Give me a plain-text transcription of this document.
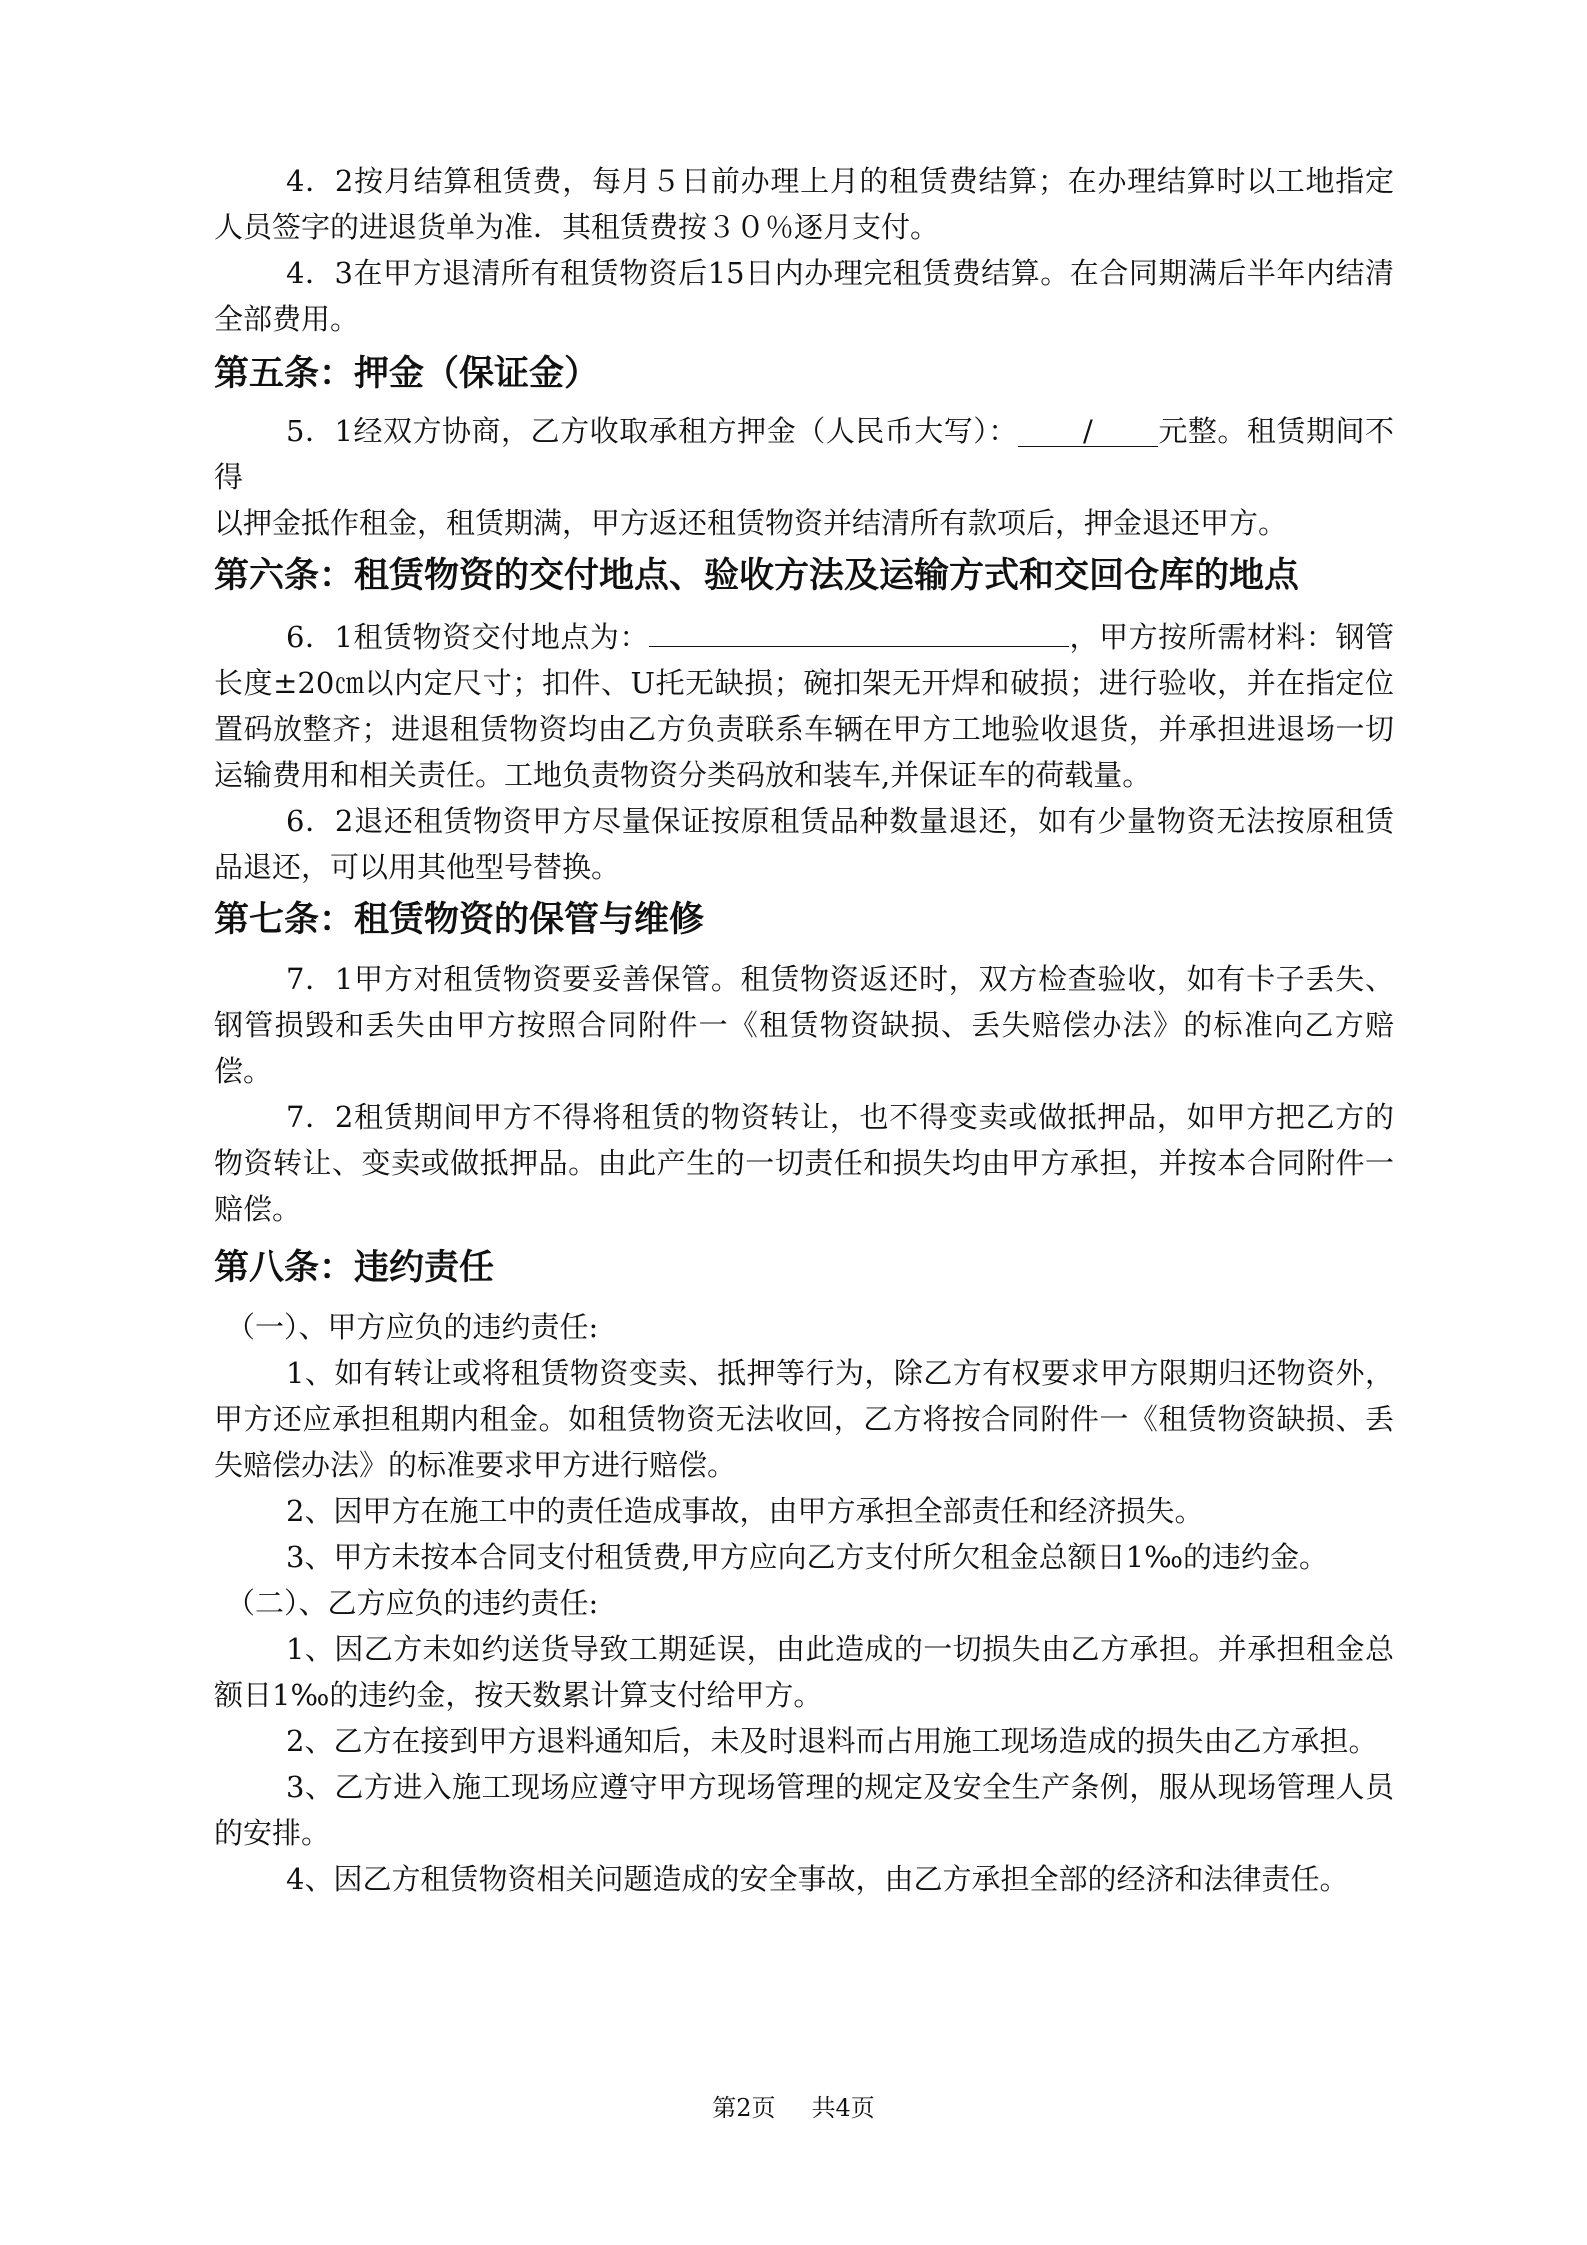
4．2按月结算租赁费，每月５日前办理上月的租赁费结算；在办理结算时以工地指定人员签字的进退货单为准．其租赁费按３０％逐月支付。

4．3在甲方退清所有租赁物资后15日内办理完租赁费结算。在合同期满后半年内结清全部费用。

第五条：押金（保证金）

5．1经双方协商，乙方收取承租方押金（人民币大写）： / 元整。租赁期间不得

以押金抵作租金，租赁期满，甲方返还租赁物资并结清所有款项后，押金退还甲方。

第六条：租赁物资的交付地点、验收方法及运输方式和交回仓库的地点

6．1租赁物资交付地点为：	，甲方按所需材料：钢管长度±20㎝以内定尺寸；扣件、U托无缺损；碗扣架无开焊和破损；进行验收，并在指定位置码放整齐；进退租赁物资均由乙方负责联系车辆在甲方工地验收退货，并承担进退场一切运输费用和相关责任。工地负责物资分类码放和装车,并保证车的荷载量。

6．2退还租赁物资甲方尽量保证按原租赁品种数量退还，如有少量物资无法按原租赁品退还，可以用其他型号替换。

第七条：租赁物资的保管与维修

7．1甲方对租赁物资要妥善保管。租赁物资返还时，双方检查验收，如有卡子丢失、钢管损毁和丢失由甲方按照合同附件一《租赁物资缺损、丢失赔偿办法》的标准向乙方赔偿。

7．2租赁期间甲方不得将租赁的物资转让，也不得变卖或做抵押品，如甲方把乙方的物资转让、变卖或做抵押品。由此产生的一切责任和损失均由甲方承担，并按本合同附件一赔偿。

第八条：违约责任

（一）、甲方应负的违约责任:

1、如有转让或将租赁物资变卖、抵押等行为，除乙方有权要求甲方限期归还物资外，甲方还应承担租期内租金。如租赁物资无法收回，乙方将按合同附件一《租赁物资缺损、丢失赔偿办法》的标准要求甲方进行赔偿。

2、因甲方在施工中的责任造成事故，由甲方承担全部责任和经济损失。

3、甲方未按本合同支付租赁费,甲方应向乙方支付所欠租金总额日1‰的违约金。

（二）、乙方应负的违约责任:

1、因乙方未如约送货导致工期延误，由此造成的一切损失由乙方承担。并承担租金总额日1‰的违约金，按天数累计算支付给甲方。

2、乙方在接到甲方退料通知后，未及时退料而占用施工现场造成的损失由乙方承担。

3、乙方进入施工现场应遵守甲方现场管理的规定及安全生产条例，服从现场管理人员的安排。

4、因乙方租赁物资相关问题造成的安全事故，由乙方承担全部的经济和法律责任。

第2页 共4页
